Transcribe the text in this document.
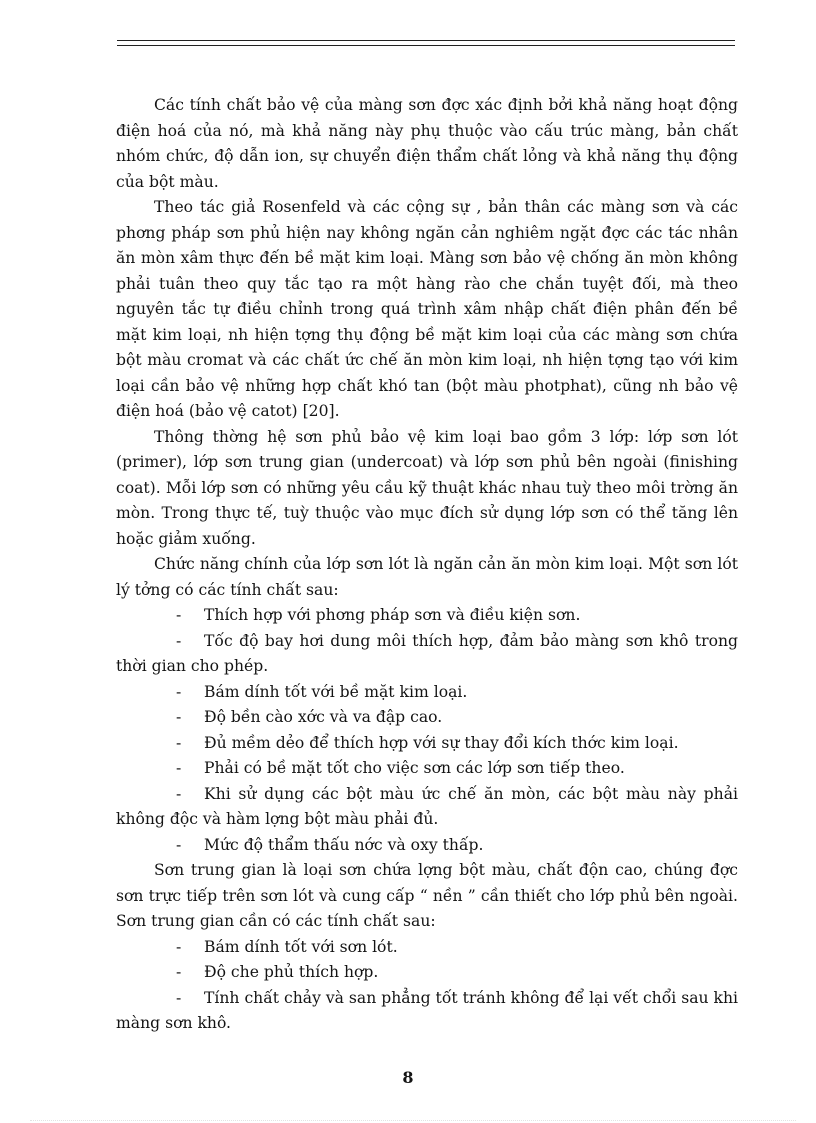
Các tính chất bảo vệ của màng sơn đợc xác định bởi khả năng hoạt động điện hoá của nó, mà khả năng này phụ thuộc vào cấu trúc màng, bản chất nhóm chức, độ dẫn ion, sự chuyển điện thẩm chất lỏng và khả năng thụ động của bột màu.

Theo tác giả Rosenfeld và các cộng sự , bản thân các màng sơn và các phơng pháp sơn phủ hiện nay không ngăn cản nghiêm ngặt đợc các tác nhân ăn mòn xâm thực đến bề mặt kim loại. Màng sơn bảo vệ chống ăn mòn không phải tuân theo quy tắc tạo ra một hàng rào che chắn tuyệt đối, mà theo nguyên tắc tự điều chỉnh trong quá trình xâm nhập chất điện phân đến bề mặt kim loại, nh hiện tợng thụ động bề mặt kim loại của các màng sơn chứa bột màu cromat và các chất ức chế ăn mòn kim loại, nh hiện tợng tạo với kim loại cần bảo vệ những hợp chất khó tan (bột màu photphat), cũng nh bảo vệ điện hoá (bảo vệ catot) [20].

Thông thờng hệ sơn phủ bảo vệ kim loại bao gồm 3 lớp: lớp sơn lót (primer), lớp sơn trung gian (undercoat) và lớp sơn phủ bên ngoài (finishing coat). Mỗi lớp sơn có những yêu cầu kỹ thuật khác nhau tuỳ theo môi trờng ăn mòn. Trong thực tế, tuỳ thuộc vào mục đích sử dụng lớp sơn có thể tăng lên hoặc giảm xuống.

Chức năng chính của lớp sơn lót là ngăn cản ăn mòn kim loại. Một sơn lót lý tởng có các tính chất sau:

-	Thích hợp với phơng pháp sơn và điều kiện sơn.

- Tốc độ bay hơi dung môi thích hợp, đảm bảo màng sơn khô trong thời gian cho phép.

-	Bám dính tốt với bề mặt kim loại.

-	Độ bền cào xớc và va đập cao.

-	Đủ mềm dẻo để thích hợp với sự thay đổi kích thớc kim loại.

-	Phải có bề mặt tốt cho việc sơn các lớp sơn tiếp theo.

- Khi sử dụng các bột màu ức chế ăn mòn, các bột màu này phải không độc và hàm lợng bột màu phải đủ.

-	Mức độ thẩm thấu nớc và oxy thấp.

Sơn trung gian là loại sơn chứa lợng bột màu, chất độn cao, chúng đợc sơn trực tiếp trên sơn lót và cung cấp “ nền ” cần thiết cho lớp phủ bên ngoài. Sơn trung gian cần có các tính chất sau:

-	Bám dính tốt với sơn lót.

-	Độ che phủ thích hợp.

- Tính chất chảy và san phẳng tốt tránh không để lại vết chổi sau khi màng sơn khô.

8
